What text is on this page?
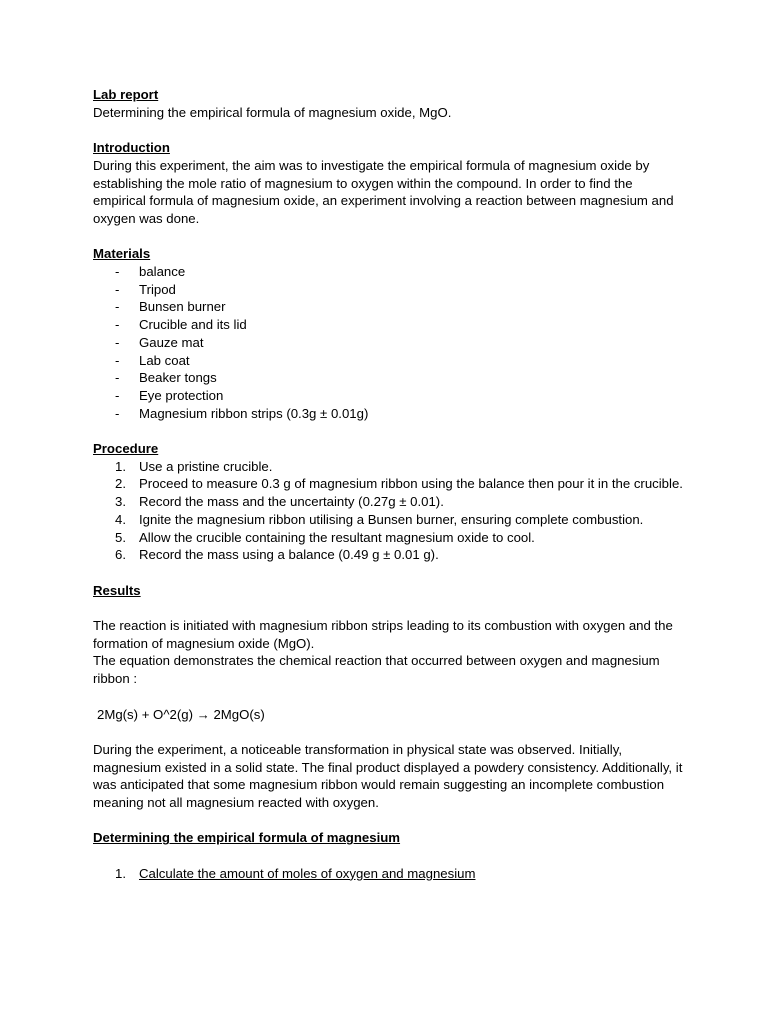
Lab report

Determining the empirical formula of magnesium oxide, MgO.

Introduction

During this experiment, the aim was to investigate the empirical formula of magnesium oxide by establishing the mole ratio of magnesium to oxygen within the compound. In order to find the empirical formula of magnesium oxide, an experiment involving a reaction between magnesium and oxygen was done.

Materials

- balance
- Tripod
- Bunsen burner
- Crucible and its lid
- Gauze mat
- Lab coat
- Beaker tongs
- Eye protection
- Magnesium ribbon strips (0.3g ± 0.01g)

Procedure

1. Use a pristine crucible.
2. Proceed to measure 0.3 g of magnesium ribbon using the balance then pour it in the crucible.
3. Record the mass and the uncertainty (0.27g ± 0.01).
4. Ignite the magnesium ribbon utilising a Bunsen burner, ensuring complete combustion.
5. Allow the crucible containing the resultant magnesium oxide to cool.
6. Record the mass using a balance (0.49 g ± 0.01 g).

Results

The reaction is initiated with magnesium ribbon strips leading to its combustion with oxygen and the formation of magnesium oxide (MgO).

The equation demonstrates the chemical reaction that occurred between oxygen and magnesium ribbon :

2Mg(s) + O^2(g) → 2MgO(s)

During the experiment, a noticeable transformation in physical state was observed. Initially, magnesium existed in a solid state. The final product displayed a powdery consistency. Additionally, it was anticipated that some magnesium ribbon would remain suggesting an incomplete combustion meaning not all magnesium reacted with oxygen.

Determining the empirical formula of magnesium

1. Calculate the amount of moles of oxygen and magnesium
